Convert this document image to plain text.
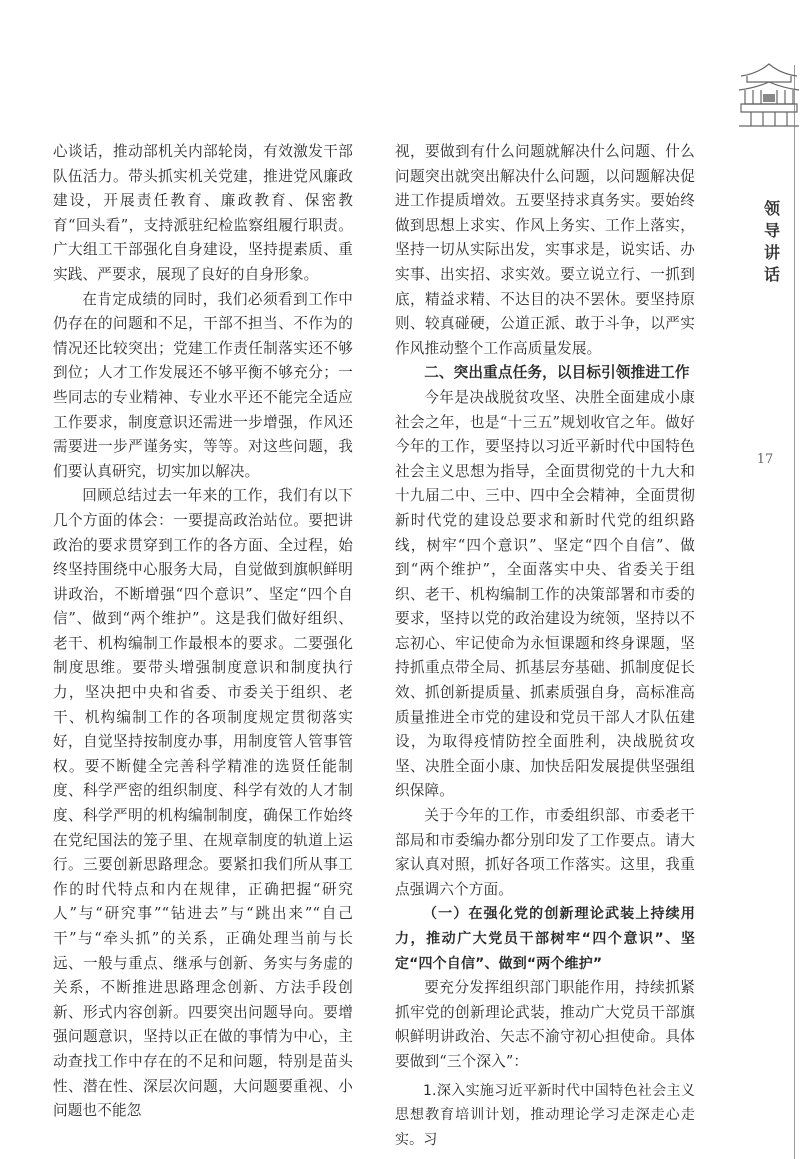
心谈话，推动部机关内部轮岗，有效激发干部队伍活力。带头抓实机关党建，推进党风廉政建设，开展责任教育、廉政教育、保密教育“回头看”，支持派驻纪检监察组履行职责。广大组工干部强化自身建设，坚持提素质、重实践、严要求，展现了良好的自身形象。

在肯定成绩的同时，我们必须看到工作中仍存在的问题和不足，干部不担当、不作为的情况还比较突出；党建工作责任制落实还不够到位；人才工作发展还不够平衡不够充分；一些同志的专业精神、专业水平还不能完全适应工作要求，制度意识还需进一步增强，作风还需要进一步严谨务实，等等。对这些问题，我们要认真研究，切实加以解决。

回顾总结过去一年来的工作，我们有以下几个方面的体会：一要提高政治站位。要把讲政治的要求贯穿到工作的各方面、全过程，始终坚持围绕中心服务大局，自觉做到旗帜鲜明讲政治，不断增强“四个意识”、坚定“四个自信”、做到“两个维护”。这是我们做好组织、老干、机构编制工作最根本的要求。二要强化制度思维。要带头增强制度意识和制度执行力，坚决把中央和省委、市委关于组织、老干、机构编制工作的各项制度规定贯彻落实好，自觉坚持按制度办事，用制度管人管事管权。要不断健全完善科学精准的选贤任能制度、科学严密的组织制度、科学有效的人才制度、科学严明的机构编制制度，确保工作始终在党纪国法的笼子里、在规章制度的轨道上运行。三要创新思路理念。要紧扣我们所从事工作的时代特点和内在规律，正确把握“研究人”与“研究事”“钻进去”与“跳出来”“自己干”与“牵头抓”的关系，正确处理当前与长远、一般与重点、继承与创新、务实与务虚的关系，不断推进思路理念创新、方法手段创新、形式内容创新。四要突出问题导向。要增强问题意识，坚持以正在做的事情为中心，主动查找工作中存在的不足和问题，特别是苗头性、潜在性、深层次问题，大问题要重视、小问题也不能忽

视，要做到有什么问题就解决什么问题、什么问题突出就突出解决什么问题，以问题解决促进工作提质增效。五要坚持求真务实。要始终做到思想上求实、作风上务实、工作上落实，坚持一切从实际出发，实事求是，说实话、办实事、出实招、求实效。要立说立行、一抓到底，精益求精、不达目的决不罢休。要坚持原则、较真碰硬，公道正派、敢于斗争，以严实作风推动整个工作高质量发展。

二、突出重点任务，以目标引领推进工作

今年是决战脱贫攻坚、决胜全面建成小康社会之年，也是“十三五”规划收官之年。做好今年的工作，要坚持以习近平新时代中国特色社会主义思想为指导，全面贯彻党的十九大和十九届二中、三中、四中全会精神，全面贯彻新时代党的建设总要求和新时代党的组织路线，树牢“四个意识”、坚定“四个自信”、做到“两个维护”，全面落实中央、省委关于组织、老干、机构编制工作的决策部署和市委的要求，坚持以党的政治建设为统领，坚持以不忘初心、牢记使命为永恒课题和终身课题，坚持抓重点带全局、抓基层夯基础、抓制度促长效、抓创新提质量、抓素质强自身，高标准高质量推进全市党的建设和党员干部人才队伍建设，为取得疫情防控全面胜利，决战脱贫攻坚、决胜全面小康、加快岳阳发展提供坚强组织保障。

关于今年的工作，市委组织部、市委老干部局和市委编办都分别印发了工作要点。请大家认真对照，抓好各项工作落实。这里，我重点强调六个方面。

（一）在强化党的创新理论武装上持续用力，推动广大党员干部树牢“四个意识”、坚定“四个自信”、做到“两个维护”

要充分发挥组织部门职能作用，持续抓紧抓牢党的创新理论武装，推动广大党员干部旗帜鲜明讲政治、矢志不渝守初心担使命。具体要做到“三个深入”：

1.深入实施习近平新时代中国特色社会主义思想教育培训计划，推动理论学习走深走心走实。习

领导讲话
17
